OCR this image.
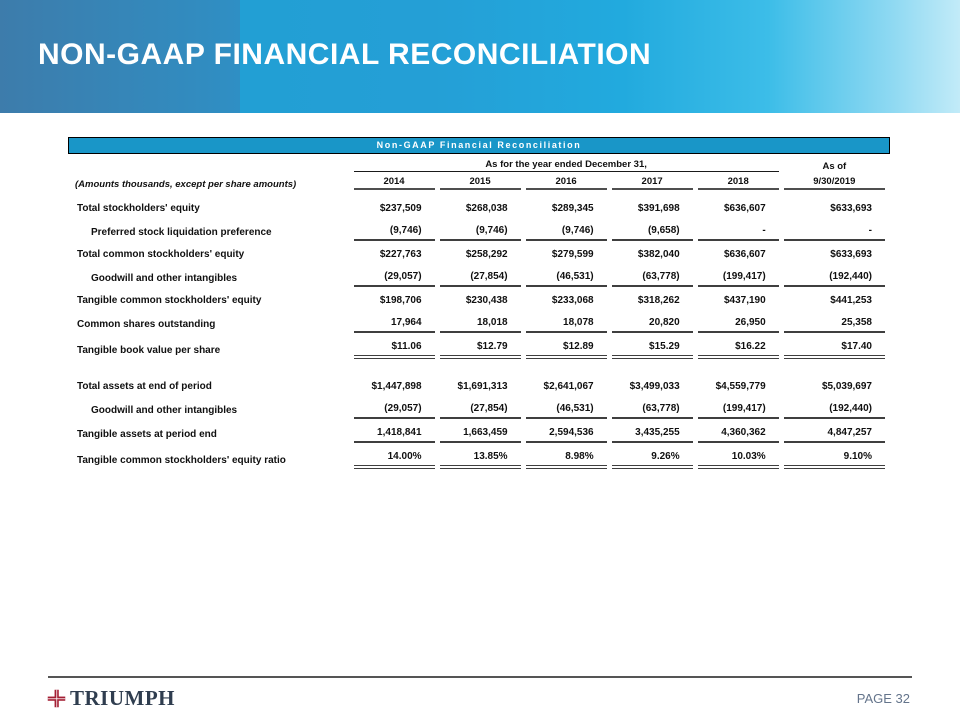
NON-GAAP FINANCIAL RECONCILIATION
Non-GAAP Financial Reconciliation
	As for the year ended December 31,					As of
(Amounts thousands, except per share amounts)	2014	2015	2016	2017	2018	9/30/2019
Total stockholders' equity	$237,509	$268,038	$289,345	$391,698	$636,607	$633,693
Preferred stock liquidation preference	(9,746)	(9,746)	(9,746)	(9,658)	-	-
Total common stockholders' equity	$227,763	$258,292	$279,599	$382,040	$636,607	$633,693
Goodwill and other intangibles	(29,057)	(27,854)	(46,531)	(63,778)	(199,417)	(192,440)
Tangible common stockholders' equity	$198,706	$230,438	$233,068	$318,262	$437,190	$441,253
Common shares outstanding	17,964	18,018	18,078	20,820	26,950	25,358
Tangible book value per share	$11.06	$12.79	$12.89	$15.29	$16.22	$17.40

Total assets at end of period	$1,447,898	$1,691,313	$2,641,067	$3,499,033	$4,559,779	$5,039,697
Goodwill and other intangibles	(29,057)	(27,854)	(46,531)	(63,778)	(199,417)	(192,440)
Tangible assets at period end	1,418,841	1,663,459	2,594,536	3,435,255	4,360,362	4,847,257
Tangible common stockholders' equity ratio	14.00%	13.85%	8.98%	9.26%	10.03%	9.10%
TRIUMPH	PAGE 32
